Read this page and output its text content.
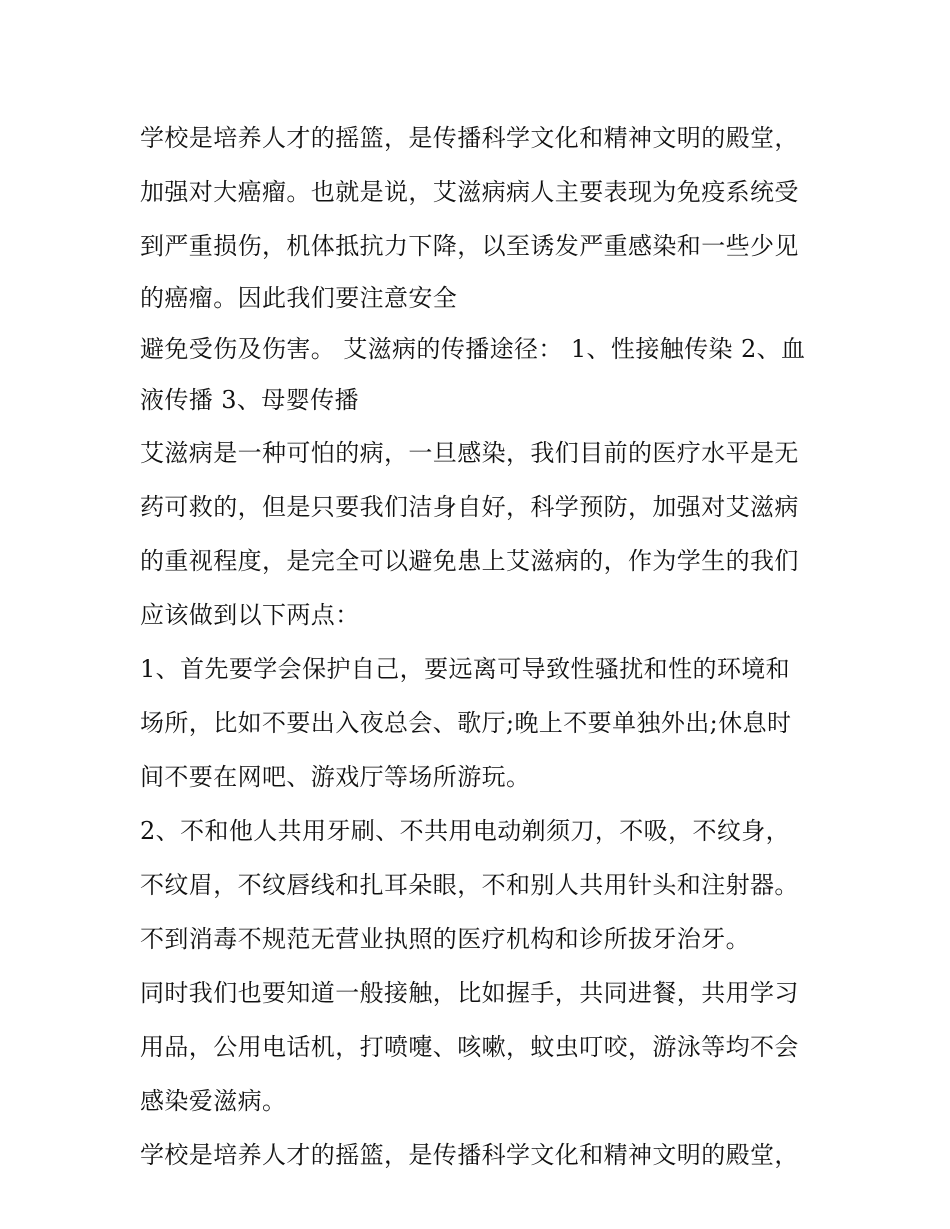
学校是培养人才的摇篮，是传播科学文化和精神文明的殿堂，
加强对大癌瘤。也就是说，艾滋病病人主要表现为免疫系统受
到严重损伤，机体抵抗力下降，以至诱发严重感染和一些少见
的癌瘤。因此我们要注意安全
避免受伤及伤害。 艾滋病的传播途径： 1、性接触传染 2、血
液传播 3、母婴传播
艾滋病是一种可怕的病，一旦感染，我们目前的医疗水平是无
药可救的，但是只要我们洁身自好，科学预防，加强对艾滋病
的重视程度，是完全可以避免患上艾滋病的，作为学生的我们
应该做到以下两点：
1、首先要学会保护自己，要远离可导致性骚扰和性的环境和
场所，比如不要出入夜总会、歌厅;晚上不要单独外出;休息时
间不要在网吧、游戏厅等场所游玩。
2、不和他人共用牙刷、不共用电动剃须刀，不吸，不纹身，
不纹眉，不纹唇线和扎耳朵眼，不和别人共用针头和注射器。
不到消毒不规范无营业执照的医疗机构和诊所拔牙治牙。
同时我们也要知道一般接触，比如握手，共同进餐，共用学习
用品，公用电话机，打喷嚏、咳嗽，蚊虫叮咬，游泳等均不会
感染爱滋病。
学校是培养人才的摇篮，是传播科学文化和精神文明的殿堂，
